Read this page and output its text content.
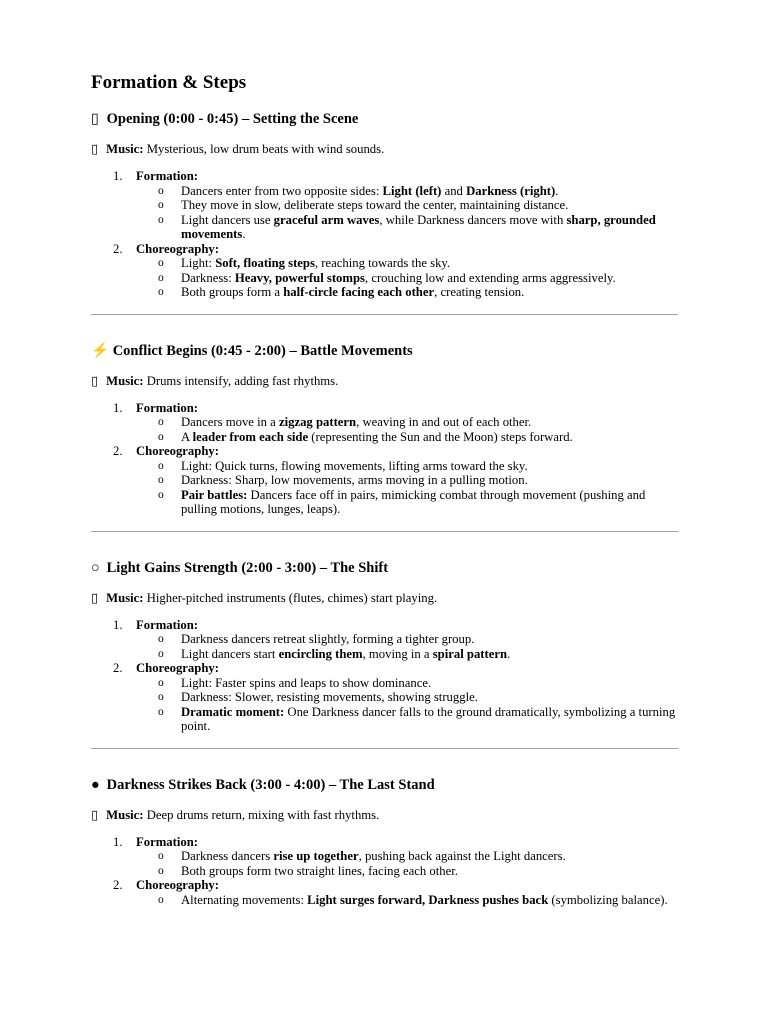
Formation & Steps
▯ Opening (0:00 - 0:45) – Setting the Scene
▯ Music: Mysterious, low drum beats with wind sounds.
1. Formation:
o Dancers enter from two opposite sides: Light (left) and Darkness (right).
o They move in slow, deliberate steps toward the center, maintaining distance.
o Light dancers use graceful arm waves, while Darkness dancers move with sharp, grounded movements.
2. Choreography:
o Light: Soft, floating steps, reaching towards the sky.
o Darkness: Heavy, powerful stomps, crouching low and extending arms aggressively.
o Both groups form a half-circle facing each other, creating tension.
⚡ Conflict Begins (0:45 - 2:00) – Battle Movements
▯ Music: Drums intensify, adding fast rhythms.
1. Formation:
o Dancers move in a zigzag pattern, weaving in and out of each other.
o A leader from each side (representing the Sun and the Moon) steps forward.
2. Choreography:
o Light: Quick turns, flowing movements, lifting arms toward the sky.
o Darkness: Sharp, low movements, arms moving in a pulling motion.
o Pair battles: Dancers face off in pairs, mimicking combat through movement (pushing and pulling motions, lunges, leaps).
○ Light Gains Strength (2:00 - 3:00) – The Shift
▯ Music: Higher-pitched instruments (flutes, chimes) start playing.
1. Formation:
o Darkness dancers retreat slightly, forming a tighter group.
o Light dancers start encircling them, moving in a spiral pattern.
2. Choreography:
o Light: Faster spins and leaps to show dominance.
o Darkness: Slower, resisting movements, showing struggle.
o Dramatic moment: One Darkness dancer falls to the ground dramatically, symbolizing a turning point.
● Darkness Strikes Back (3:00 - 4:00) – The Last Stand
▯ Music: Deep drums return, mixing with fast rhythms.
1. Formation:
o Darkness dancers rise up together, pushing back against the Light dancers.
o Both groups form two straight lines, facing each other.
2. Choreography:
o Alternating movements: Light surges forward, Darkness pushes back (symbolizing balance).
